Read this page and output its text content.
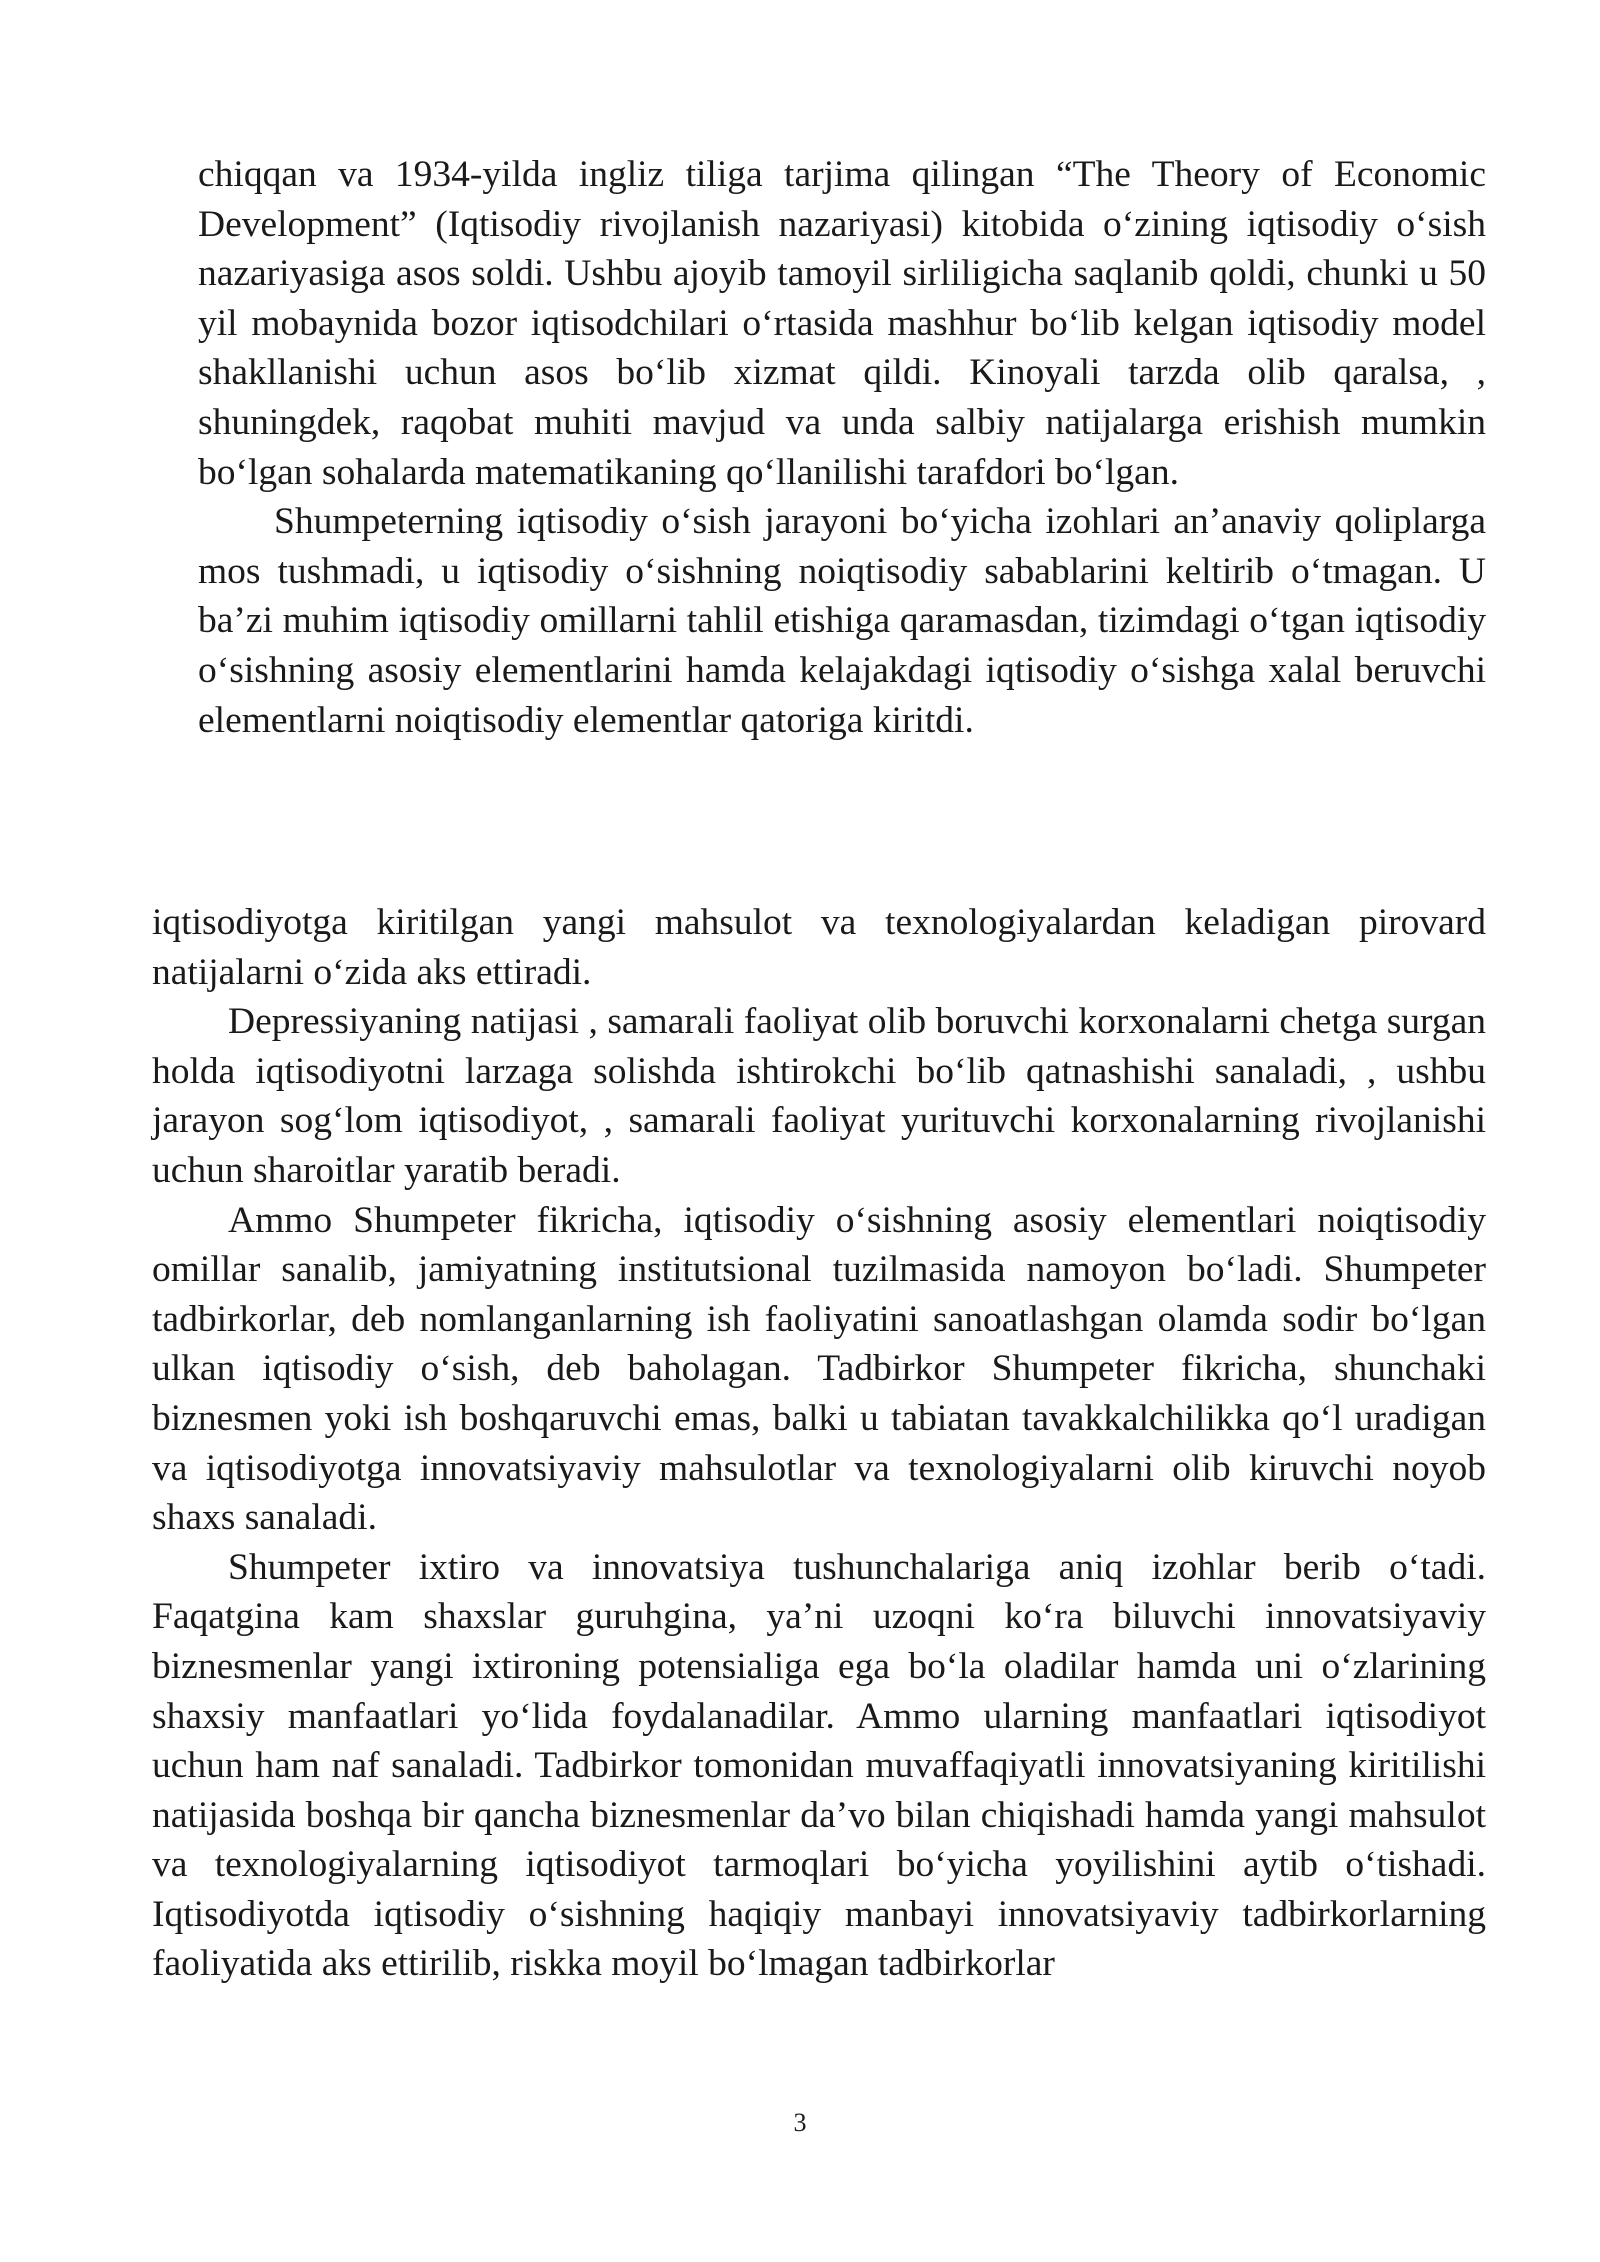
chiqqan va 1934-yilda ingliz tiliga tarjima qilingan “The Theory of Economic Development” (Iqtisodiy rivojlanish nazariyasi) kitobida o‘zining iqtisodiy o‘sish nazariyasiga asos soldi. Ushbu ajoyib tamoyil sirliligicha saqlanib qoldi, chunki u 50 yil mobaynida bozor iqtisodchilari o‘rtasida mashhur bo‘lib kelgan iqtisodiy model shakllanishi uchun asos bo‘lib xizmat qildi. Kinoyali tarzda olib qaralsa, , shuningdek, raqobat muhiti mavjud va unda salbiy natijalarga erishish mumkin bo‘lgan sohalarda matematikaning qo‘llanilishi tarafdori bo‘lgan.

Shumpeterning iqtisodiy o‘sish jarayoni bo‘yicha izohlari an’anaviy qoliplarga mos tushmadi, u iqtisodiy o‘sishning noiqtisodiy sabablarini keltirib o‘tmagan. U ba’zi muhim iqtisodiy omillarni tahlil etishiga qaramasdan, tizimdagi o‘tgan iqtisodiy o‘sishning asosiy elementlarini hamda kelajakdagi iqtisodiy o‘sishga xalal beruvchi elementlarni noiqtisodiy elementlar qatoriga kiritdi.

iqtisodiyotga kiritilgan yangi mahsulot va texnologiyalardan keladigan pirovard natijalarni o‘zida aks ettiradi.

Depressiyaning natijasi , samarali faoliyat olib boruvchi korxonalarni chetga surgan holda iqtisodiyotni larzaga solishda ishtirokchi bo‘lib qatnashishi sanaladi, , ushbu jarayon sog‘lom iqtisodiyot, , samarali faoliyat yurituvchi korxonalarning rivojlanishi uchun sharoitlar yaratib beradi.

Ammo Shumpeter fikricha, iqtisodiy o‘sishning asosiy elementlari noiqtisodiy omillar sanalib, jamiyatning institutsional tuzilmasida namoyon bo‘ladi. Shumpeter tadbirkorlar, deb nomlanganlarning ish faoliyatini sanoatlashgan olamda sodir bo‘lgan ulkan iqtisodiy o‘sish, deb baholagan. Tadbirkor Shumpeter fikricha, shunchaki biznesmen yoki ish boshqaruvchi emas, balki u tabiatan tavakkalchilikka qo‘l uradigan va iqtisodiyotga innovatsiyaviy mahsulotlar va texnologiyalarni olib kiruvchi noyob shaxs sanaladi.

Shumpeter ixtiro va innovatsiya tushunchalariga aniq izohlar berib o‘tadi. Faqatgina kam shaxslar guruhgina, ya’ni uzoqni ko‘ra biluvchi innovatsiyaviy biznesmenlar yangi ixtironing potensialiga ega bo‘la oladilar hamda uni o‘zlarining shaxsiy manfaatlari yo‘lida foydalanadilar. Ammo ularning manfaatlari iqtisodiyot uchun ham naf sanaladi. Tadbirkor tomonidan muvaffaqiyatli innovatsiyaning kiritilishi natijasida boshqa bir qancha biznesmenlar da’vo bilan chiqishadi hamda yangi mahsulot va texnologiyalarning iqtisodiyot tarmoqlari bo‘yicha yoyilishini aytib o‘tishadi. Iqtisodiyotda iqtisodiy o‘sishning haqiqiy manbayi innovatsiyaviy tadbirkorlarning faoliyatida aks ettirilib, riskka moyil bo‘lmagan tadbirkorlar

3
